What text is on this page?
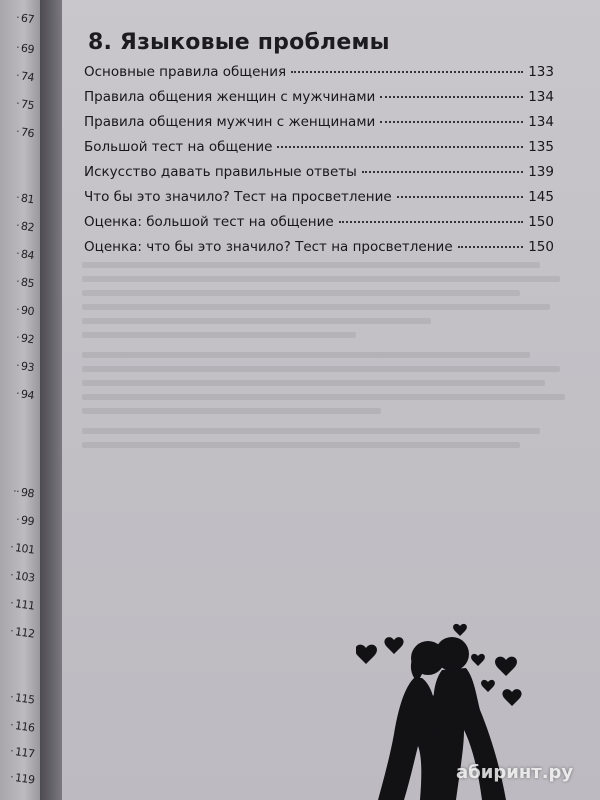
·67
·69
·74
·75
·76
·81
·82
·84
·85
·90
·92
·93
·94
··98
·99
·101
·103
·111
·112
·115
·116
·117
·119
8. Языковые проблемы
Основные правила общения	133
Правила общения женщин с мужчинами	134
Правила общения мужчин с женщинами	134
Большой тест на общение	135
Искусство давать правильные ответы	139
Что бы это значило? Тест на просветление	145
Оценка: большой тест на общение	150
Оценка: что бы это значило? Тест на просветление	150
абиринт.ру
